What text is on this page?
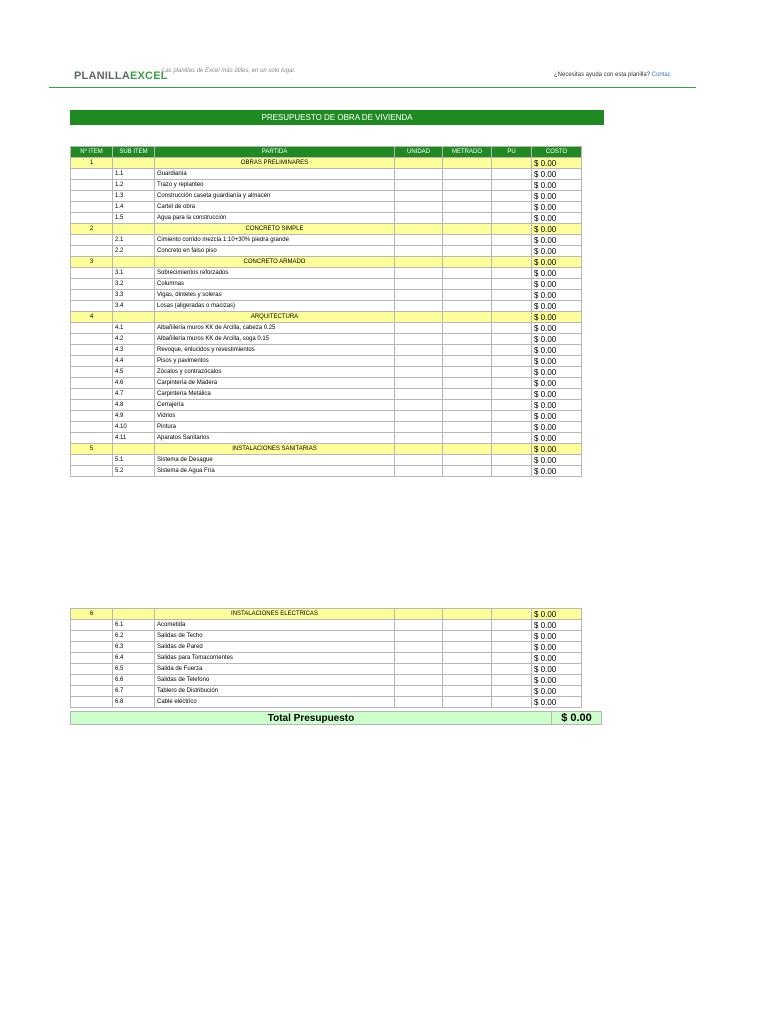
PLANILLAEXCEL
Las planillas de Excel más útiles, en un solo lugar.
¿Necesitas ayuda con esta planilla? Contac
PRESUPUESTO DE OBRA DE VIVIENDA
Nº ITEM	SUB ITEM	PARTIDA	UNIDAD	METRADO	PU	COSTO
1		OBRAS PRELIMINARES				$ 0.00
	1.1	Guardianía				$ 0.00
	1.2	Trazo y replanteo				$ 0.00
	1.3	Construcción caseta guardianía y almacén				$ 0.00
	1.4	Cartel de obra				$ 0.00
	1.5	Agua para la construcción				$ 0.00
2		CONCRETO SIMPLE				$ 0.00
	2.1	Cimiento corrido mezcla 1:10+30% piedra grande				$ 0.00
	2.2	Concreto en falso piso				$ 0.00
3		CONCRETO ARMADO				$ 0.00
	3.1	Sobrecimientos reforzados				$ 0.00
	3.2	Columnas				$ 0.00
	3.3	Vigas, dinteles y soleras				$ 0.00
	3.4	Losas (aligeradas o macizas)				$ 0.00
4		ARQUITECTURA				$ 0.00
	4.1	Albañilería muros KK de Arcilla, cabeza 0.25				$ 0.00
	4.2	Albañilería muros KK de Arcilla, soga 0.15				$ 0.00
	4.3	Revoque, enlucidos y revestimientos				$ 0.00
	4.4	Pisos y pavimentos				$ 0.00
	4.5	Zócalos y contrazócalos				$ 0.00
	4.6	Carpintería de Madera				$ 0.00
	4.7	Carpintería Metálica				$ 0.00
	4.8	Cerrajería				$ 0.00
	4.9	Vidrios				$ 0.00
	4.10	Pintura				$ 0.00
	4.11	Aparatos Sanitarios				$ 0.00
5		INSTALACIONES SANITARIAS				$ 0.00
	5.1	Sistema de Desague				$ 0.00
	5.2	Sistema de Agua Fría				$ 0.00
6		INSTALACIONES ELECTRICAS				$ 0.00
	6.1	Acometida				$ 0.00
	6.2	Salidas de Techo				$ 0.00
	6.3	Salidas de Pared				$ 0.00
	6.4	Salidas para Tomacorrientes				$ 0.00
	6.5	Salida de Fuerza				$ 0.00
	6.6	Salidas de Telefono				$ 0.00
	6.7	Tablero de Distribución				$ 0.00
	6.8	Cable eléctrico				$ 0.00
Total Presupuesto	$ 0.00
